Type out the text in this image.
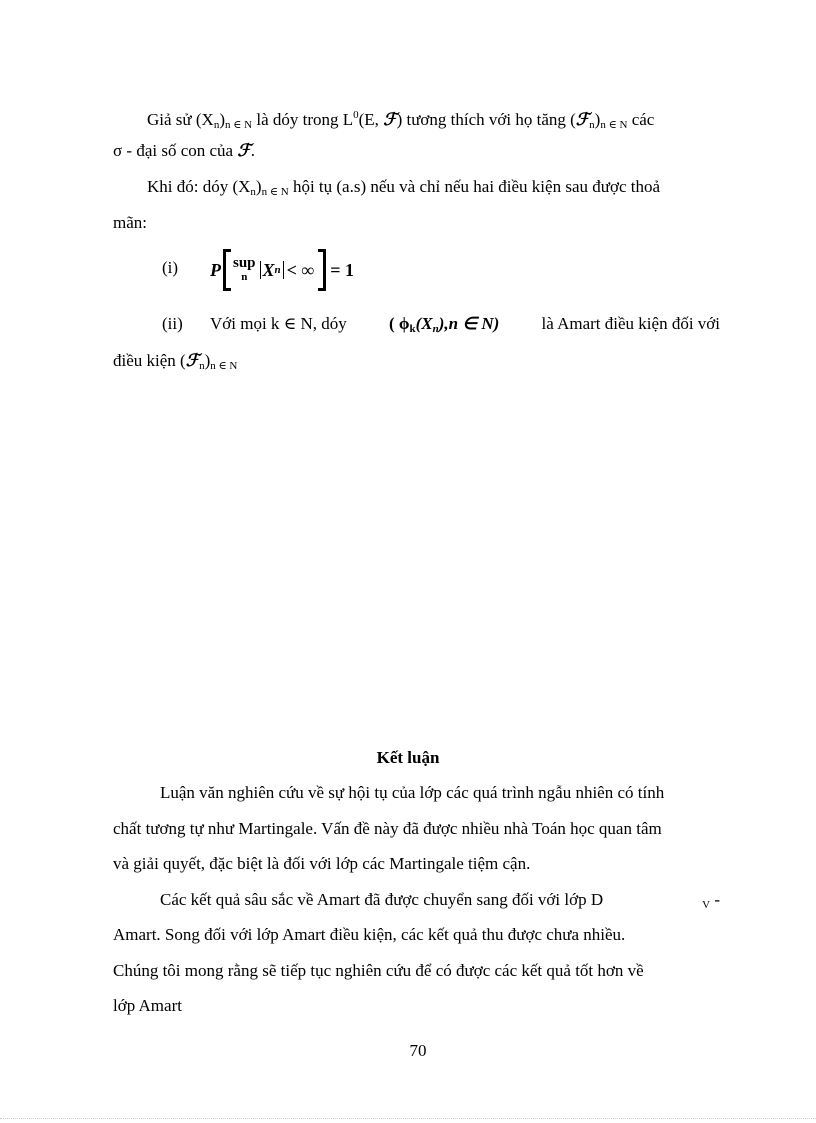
Giả sử $(X_n)_{n \in N}$ là dóy trong $L^0(E$, ℱ) tương thích với họ tăng $(ℱ_n)_{n \in N}$ các
σ - đại số con của ℱ.
Khi đó: dóy $(X_n)_{n \in N}$ hội tụ (a.s) nếu và chỉ nếu hai điều kiện sau được thoả
mãn:
(i) P sup
n X n < ∞ = 1
(ii) Với mọi k ∈ N, dóy ( $\phi_k(X_n),n$ ∈ N) là Amart điều kiện đối với
điều kiện $(ℱ_n)_{n \in N}$
Kết luận
Luận văn nghiên cứu về sự hội tụ của lớp các quá trình ngẫu nhiên có tính
chất tương tự như Martingale. Vấn đề này đã được nhiều nhà Toán học quan tâm
và giải quyết, đặc biệt là đối với lớp các Martingale tiệm cận.
Các kết quả sâu sắc về Amart đã được chuyển sang đối với lớp D	$_V$ -
Amart. Song đối với lớp Amart điều kiện, các kết quả thu được chưa nhiều.
Chúng tôi mong rằng sẽ tiếp tục nghiên cứu để có được các kết quả tốt hơn về
lớp Amart
70
